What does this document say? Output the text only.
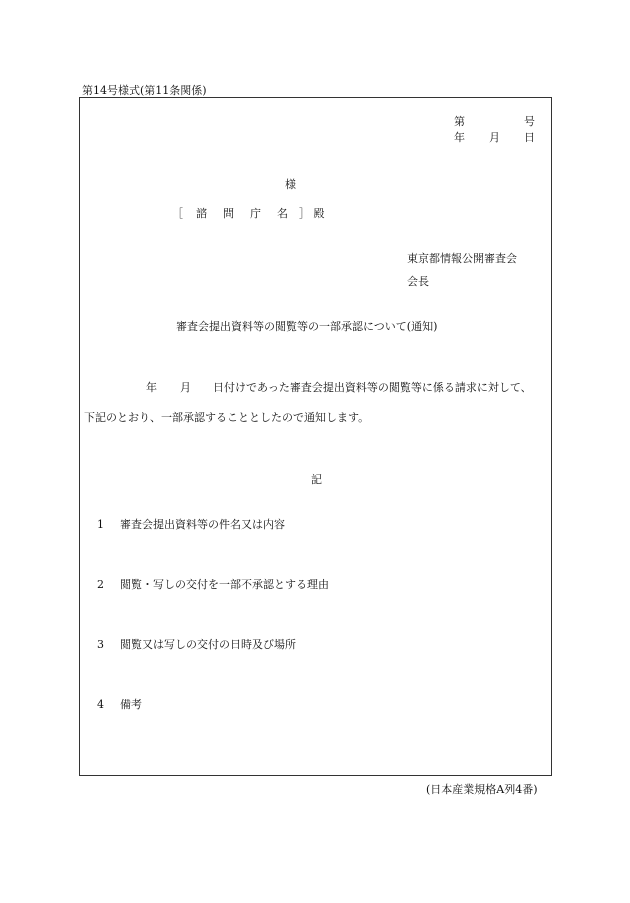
第14号様式(第11条関係)
第	号
年 月 日
様
［ 諮 問 庁 名 ］ 殿
東京都情報公開審査会
会長
審査会提出資料等の閲覧等の一部承認について(通知)
年 月 日付けであった審査会提出資料等の閲覧等に係る請求に対して、
下記のとおり、一部承認することとしたので通知します。
記
1 審査会提出資料等の件名又は内容
2 閲覧・写しの交付を一部不承認とする理由
3 閲覧又は写しの交付の日時及び場所
4 備考
(日本産業規格A列4番)
